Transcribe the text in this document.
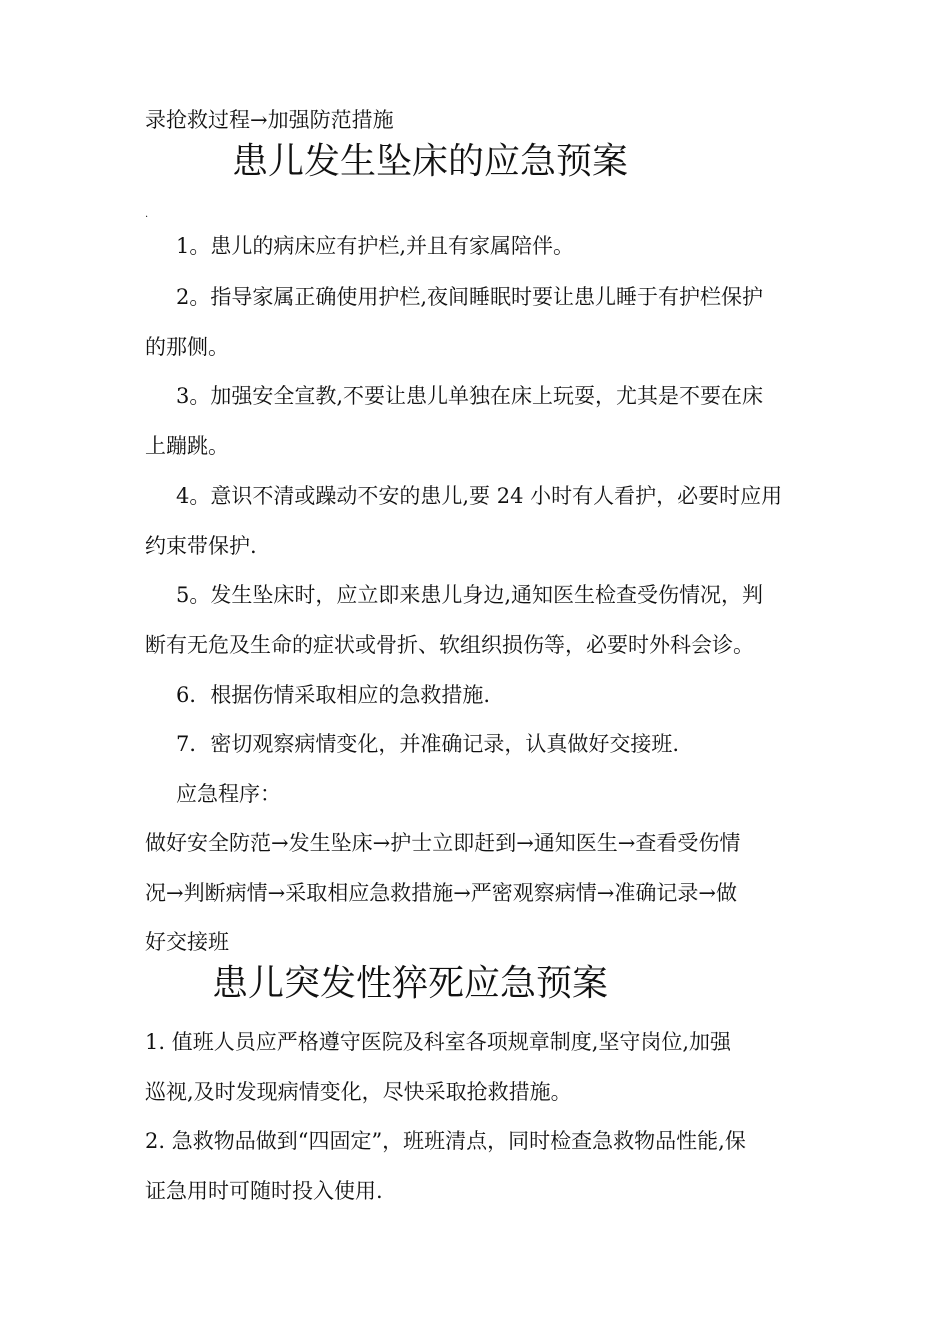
录抢救过程→加强防范措施
患儿发生坠床的应急预案
.
1。患儿的病床应有护栏,并且有家属陪伴。
2。指导家属正确使用护栏,夜间睡眠时要让患儿睡于有护栏保护
的那侧。
3。加强安全宣教,不要让患儿单独在床上玩耍，尤其是不要在床
上蹦跳。
4。意识不清或躁动不安的患儿,要 24 小时有人看护，必要时应用
约束带保护.
5。发生坠床时，应立即来患儿身边,通知医生检查受伤情况，判
断有无危及生命的症状或骨折、软组织损伤等，必要时外科会诊。
6．根据伤情采取相应的急救措施.
7．密切观察病情变化，并准确记录，认真做好交接班.
应急程序：
做好安全防范→发生坠床→护士立即赶到→通知医生→查看受伤情
况→判断病情→采取相应急救措施→严密观察病情→准确记录→做
好交接班
患儿突发性猝死应急预案
1. 值班人员应严格遵守医院及科室各项规章制度,坚守岗位,加强
巡视,及时发现病情变化，尽快采取抢救措施。
2. 急救物品做到“四固定”，班班清点，同时检查急救物品性能,保
证急用时可随时投入使用.
